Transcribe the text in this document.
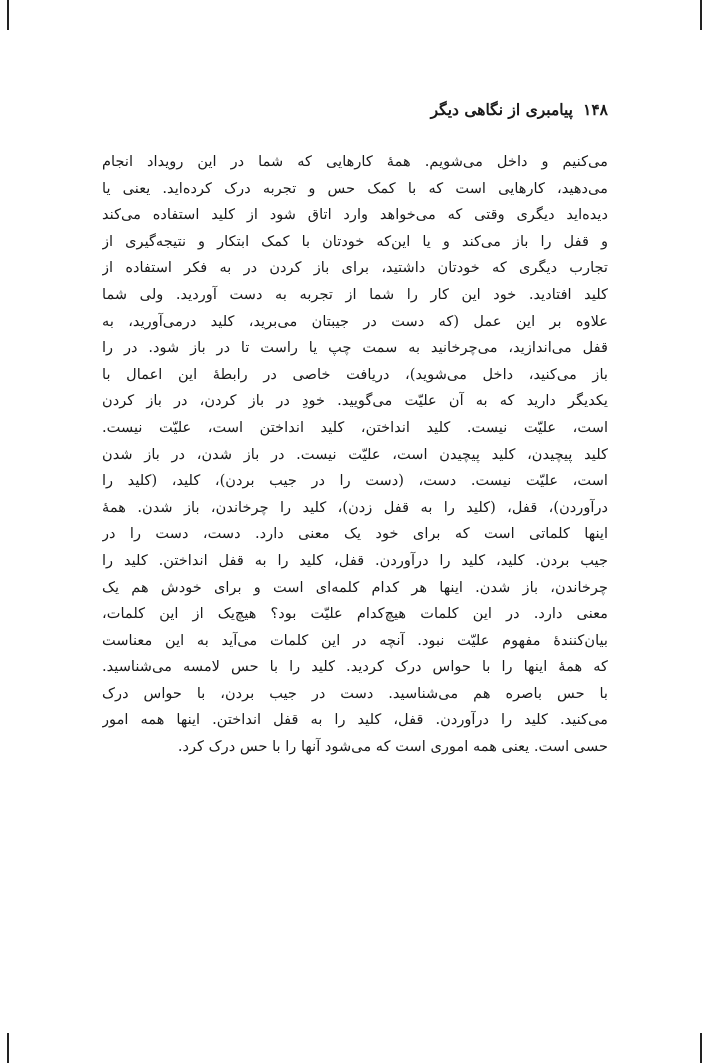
۱۴۸
پیامبری از نگاهی دیگر
می‌کنیم و داخل می‌شویم. همهٔ کارهایی که شما در این رویداد انجام
می‌دهید، کارهایی است که با کمک حس و تجربه درک کرده‌اید. یعنی یا
دیده‌اید دیگری وقتی که می‌خواهد وارد اتاق شود از کلید استفاده می‌کند
و قفل را باز می‌کند و یا این‌که خودتان با کمک ابتکار و نتیجه‌گیری از
تجارب دیگری که خودتان داشتید، برای باز کردن در به فکر استفاده از
کلید افتادید. خود این کار را شما از تجربه به دست آوردید. ولی شما
علاوه بر این عمل (که دست در جیبتان می‌برید، کلید درمی‌آورید، به
قفل می‌اندازید، می‌چرخانید به سمت چپ یا راست تا در باز شود. در را
باز می‌کنید، داخل می‌شوید)، دریافت خاصی در رابطهٔ این اعمال با
یکدیگر دارید که به آن علیّت می‌گویید. خودِ در باز کردن، در باز کردن
است، علیّت نیست. کلید انداختن، کلید انداختن است، علیّت نیست.
کلید پیچیدن، کلید پیچیدن است، علیّت نیست. در باز شدن، در باز شدن
است، علیّت نیست. دست، (دست را در جیب بردن)، کلید، (کلید را
درآوردن)، قفل، (کلید را به قفل زدن)، کلید را چرخاندن، باز شدن. همهٔ
اینها کلماتی است که برای خود یک معنی دارد. دست، دست را در
جیب بردن. کلید، کلید را درآوردن. قفل، کلید را به قفل انداختن. کلید را
چرخاندن، باز شدن. اینها هر کدام کلمه‌ای است و برای خودش هم یک
معنی دارد. در این کلمات هیچ‌کدام علیّت بود؟ هیچ‌یک از این کلمات،
بیان‌کنندهٔ مفهوم علیّت نبود. آنچه در این کلمات می‌آید به این معناست
که همهٔ اینها را با حواس درک کردید. کلید را با حس لامسه می‌شناسید.
با حس باصره هم می‌شناسید. دست در جیب بردن، با حواس درک
می‌کنید. کلید را درآوردن. قفل، کلید را به قفل انداختن. اینها همه امور
حسی است. یعنی همه اموری است که می‌شود آنها را با حس درک کرد.
